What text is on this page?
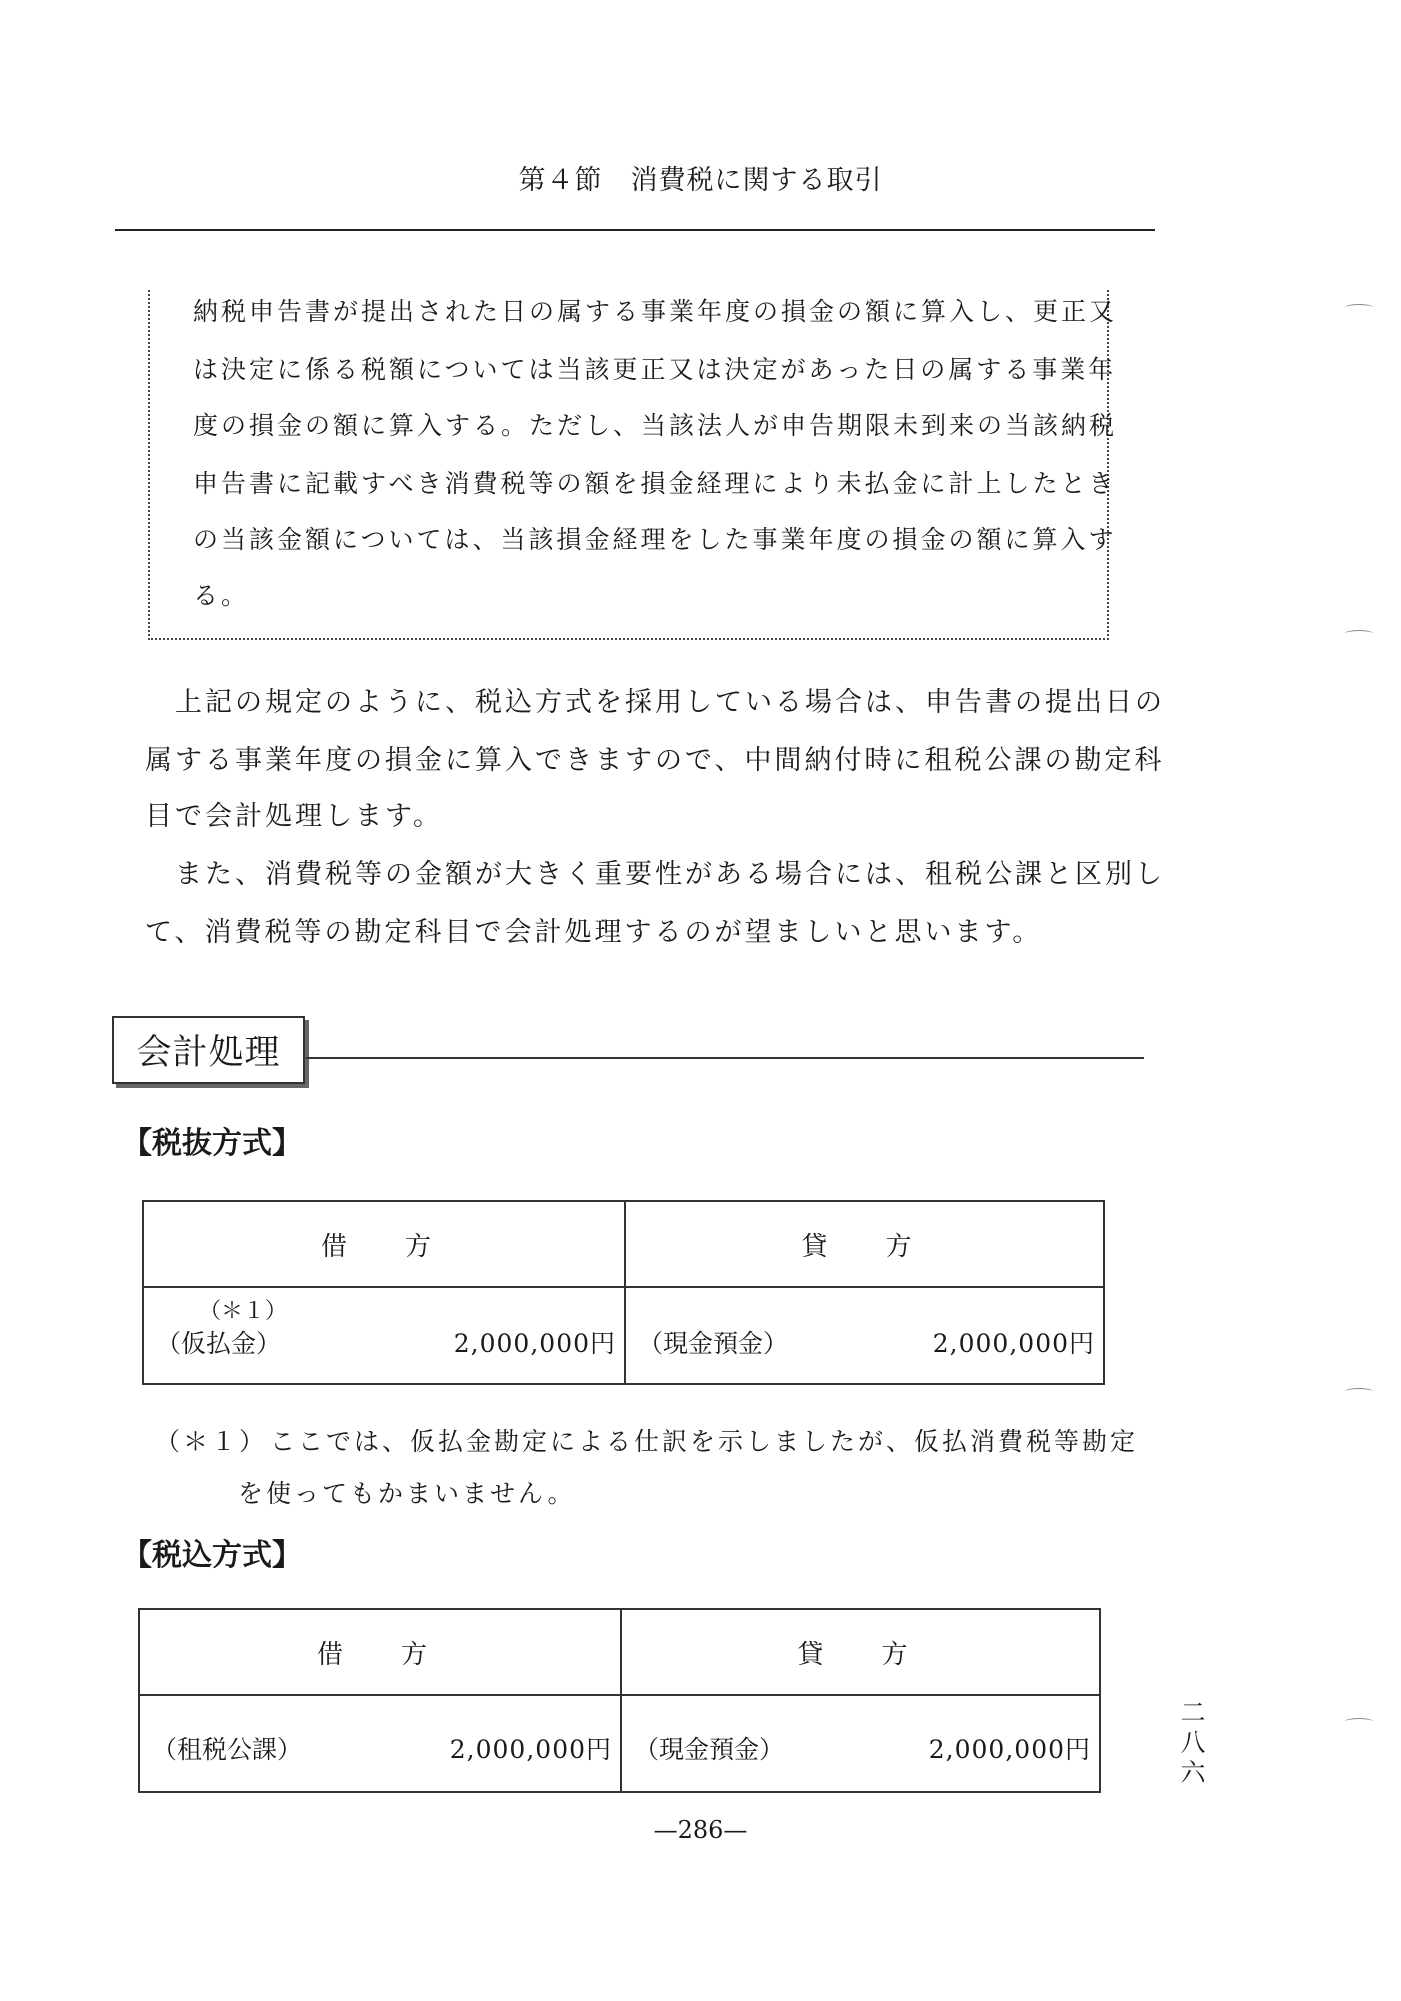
第４節　消費税に関する取引
納税申告書が提出された日の属する事業年度の損金の額に算入し、更正又
は決定に係る税額については当該更正又は決定があった日の属する事業年
度の損金の額に算入する。ただし、当該法人が申告期限未到来の当該納税
申告書に記載すべき消費税等の額を損金経理により未払金に計上したとき
の当該金額については、当該損金経理をした事業年度の損金の額に算入す
る。
上記の規定のように、税込方式を採用している場合は、申告書の提出日の
属する事業年度の損金に算入できますので、中間納付時に租税公課の勘定科
目で会計処理します。
また、消費税等の金額が大きく重要性がある場合には、租税公課と区別し
て、消費税等の勘定科目で会計処理するのが望ましいと思います。
会計処理
【税抜方式】
借　方	貸　方

（＊１）
（仮払金） 2,000,000円	（現金預金） 2,000,000円
（＊１） ここでは、仮払金勘定による仕訳を示しましたが、仮払消費税等勘定
を使ってもかまいません。
【税込方式】
借　方	貸　方

（租税公課） 2,000,000円	（現金預金） 2,000,000円
—286—
二
八
六
